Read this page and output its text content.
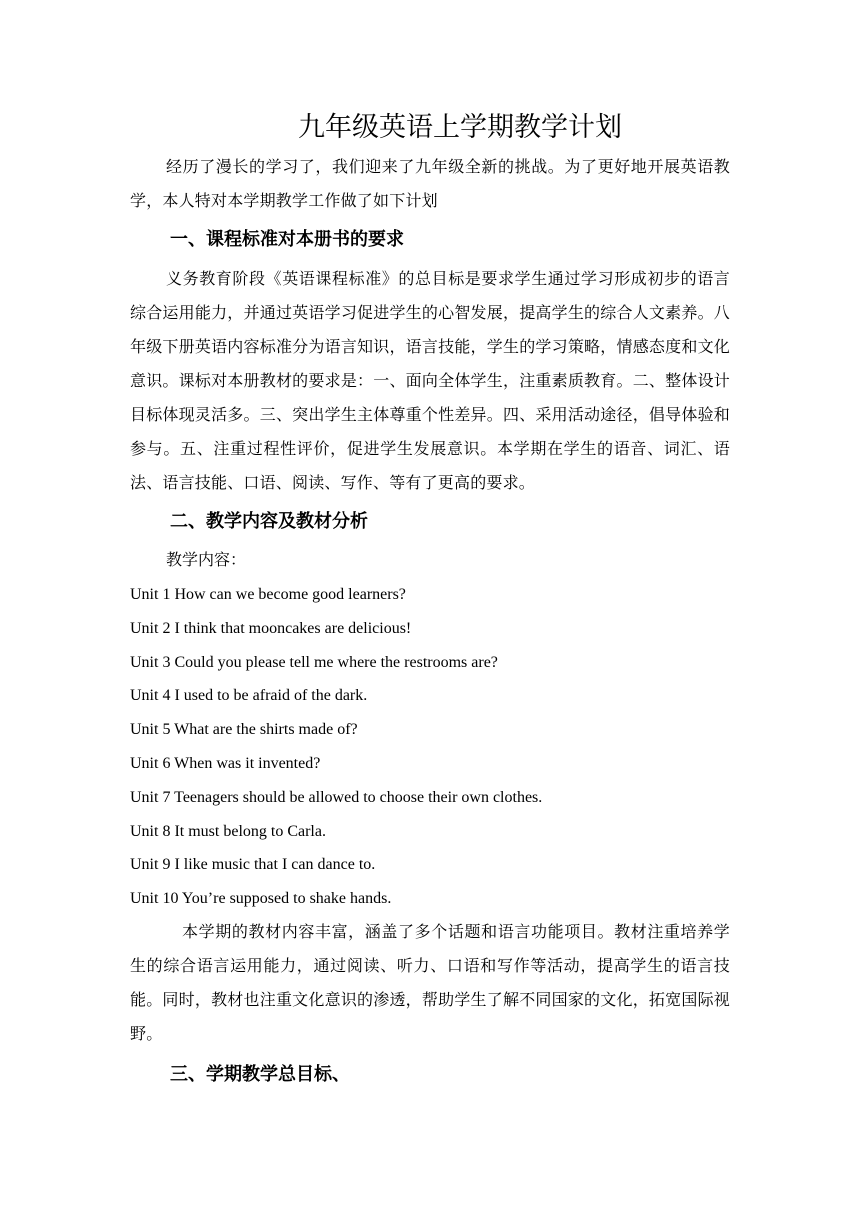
九年级英语上学期教学计划
经历了漫长的学习了，我们迎来了九年级全新的挑战。为了更好地开展英语教学，本人特对本学期教学工作做了如下计划
一、课程标准对本册书的要求
义务教育阶段《英语课程标准》的总目标是要求学生通过学习形成初步的语言综合运用能力，并通过英语学习促进学生的心智发展，提高学生的综合人文素养。八年级下册英语内容标准分为语言知识，语言技能，学生的学习策略，情感态度和文化意识。课标对本册教材的要求是：一、面向全体学生，注重素质教育。二、整体设计目标体现灵活多。三、突出学生主体尊重个性差异。四、采用活动途径，倡导体验和参与。五、注重过程性评价，促进学生发展意识。本学期在学生的语音、词汇、语法、语言技能、口语、阅读、写作、等有了更高的要求。
二、教学内容及教材分析
教学内容：
Unit 1 How can we become good learners?
Unit 2 I think that mooncakes are delicious!
Unit 3 Could you please tell me where the restrooms are?
Unit 4 I used to be afraid of the dark.
Unit 5 What are the shirts made of?
Unit 6 When was it invented?
Unit 7 Teenagers should be allowed to choose their own clothes.
Unit 8 It must belong to Carla.
Unit 9 I like music that I can dance to.
Unit 10 You’re supposed to shake hands.
本学期的教材内容丰富，涵盖了多个话题和语言功能项目。教材注重培养学生的综合语言运用能力，通过阅读、听力、口语和写作等活动，提高学生的语言技能。同时，教材也注重文化意识的渗透，帮助学生了解不同国家的文化，拓宽国际视野。
三、学期教学总目标、
